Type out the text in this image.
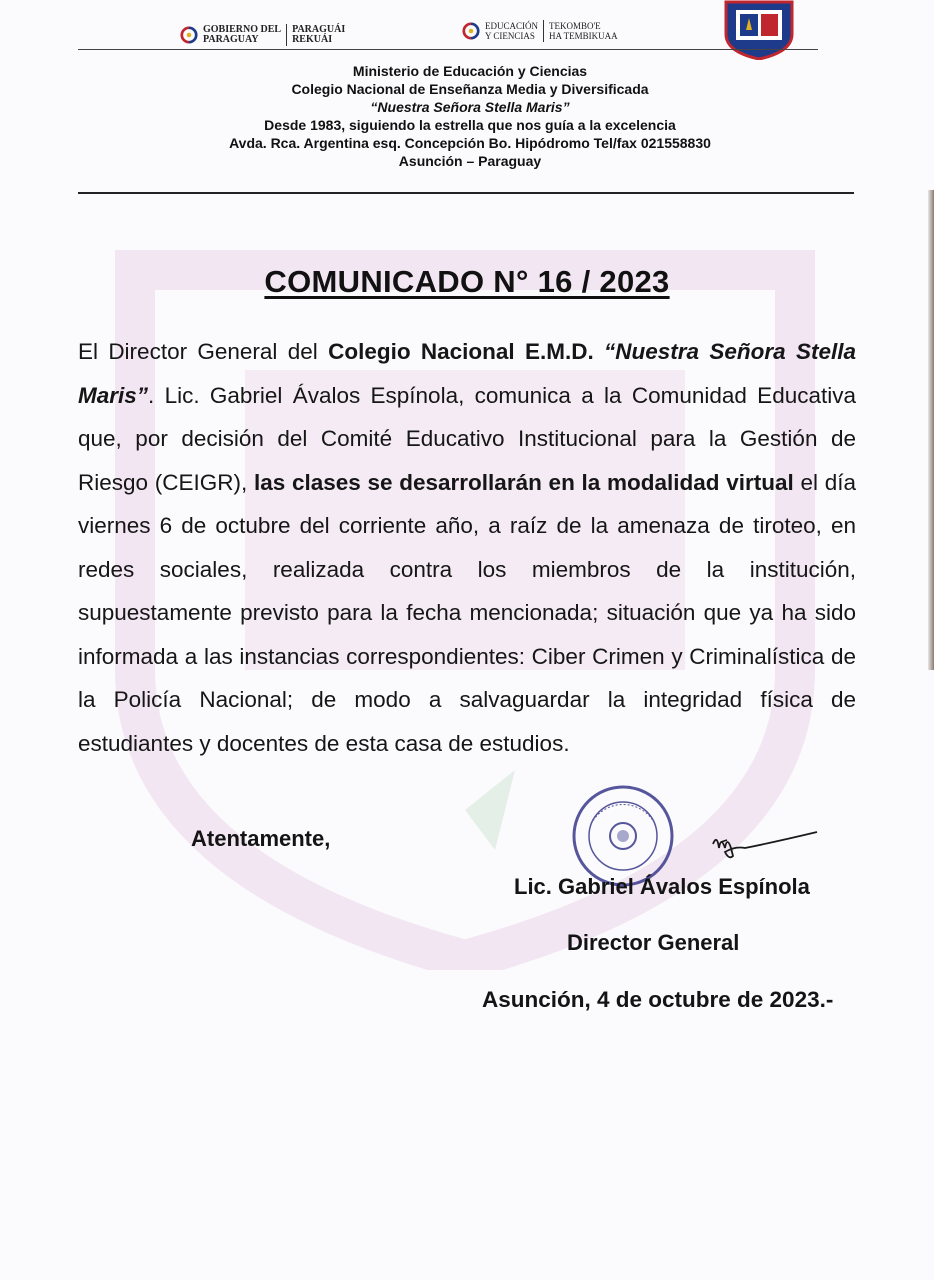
GOBIERNO DEL
PARAGUAY
PARAGUÁI
REKUÁI
EDUCACIÓN
Y CIENCIAS
TEKOMBO'E
HA TEMBIKUAA
Ministerio de Educación y Ciencias
Colegio Nacional de Enseñanza Media y Diversificada
“Nuestra Señora Stella Maris”
Desde 1983, siguiendo la estrella que nos guía a la excelencia
Avda. Rca. Argentina esq. Concepción Bo. Hipódromo Tel/fax 021558830
Asunción – Paraguay
COMUNICADO N° 16 / 2023
El Director General del Colegio Nacional E.M.D. “Nuestra Señora Stella Maris”. Lic. Gabriel Ávalos Espínola, comunica a la Comunidad Educativa que, por decisión del Comité Educativo Institucional para la Gestión de Riesgo (CEIGR), las clases se desarrollarán en la modalidad virtual el día viernes 6 de octubre del corriente año, a raíz de la amenaza de tiroteo, en redes sociales, realizada contra los miembros de la institución, supuestamente previsto para la fecha mencionada; situación que ya ha sido informada a las instancias correspondientes: Ciber Crimen y Criminalística de la Policía Nacional; de modo a salvaguardar la integridad física de estudiantes y docentes de esta casa de estudios.
Atentamente,
Lic. Gabriel Ávalos Espínola
Director General
Asunción, 4 de octubre de 2023.-
